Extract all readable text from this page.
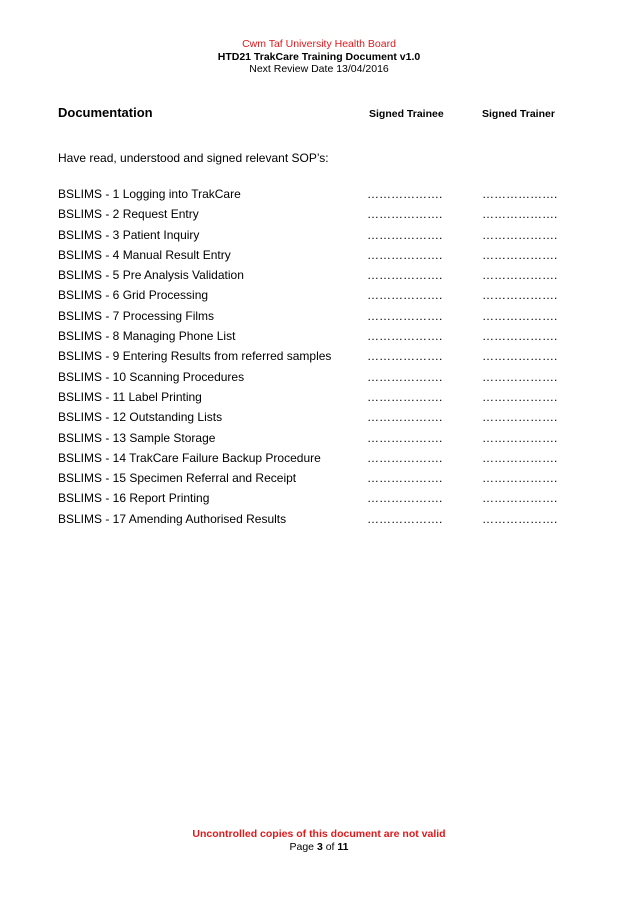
Cwm Taf University Health Board
HTD21 TrakCare Training Document v1.0
Next Review Date 13/04/2016
Documentation	Signed Trainee	Signed Trainer
Have read, understood and signed relevant SOP’s:
BSLIMS - 1 Logging into TrakCare	……………….	……………….
BSLIMS - 2 Request Entry	……………….	……………….
BSLIMS - 3 Patient Inquiry	……………….	……………….
BSLIMS - 4 Manual Result Entry	……………….	……………….
BSLIMS - 5 Pre Analysis Validation	……………….	……………….
BSLIMS - 6 Grid Processing	……………….	……………….
BSLIMS - 7 Processing Films	……………….	……………….
BSLIMS - 8 Managing Phone List	……………….	……………….
BSLIMS - 9 Entering Results from referred samples	……………….	……………….
BSLIMS - 10 Scanning Procedures	……………….	……………….
BSLIMS - 11 Label Printing	……………….	……………….
BSLIMS - 12 Outstanding Lists	……………….	……………….
BSLIMS - 13 Sample Storage	……………….	……………….
BSLIMS - 14 TrakCare Failure Backup Procedure	……………….	……………….
BSLIMS - 15 Specimen Referral and Receipt	……………….	……………….
BSLIMS - 16 Report Printing	……………….	……………….
BSLIMS - 17 Amending Authorised Results	……………….	……………….
Uncontrolled copies of this document are not valid
Page 3 of 11
